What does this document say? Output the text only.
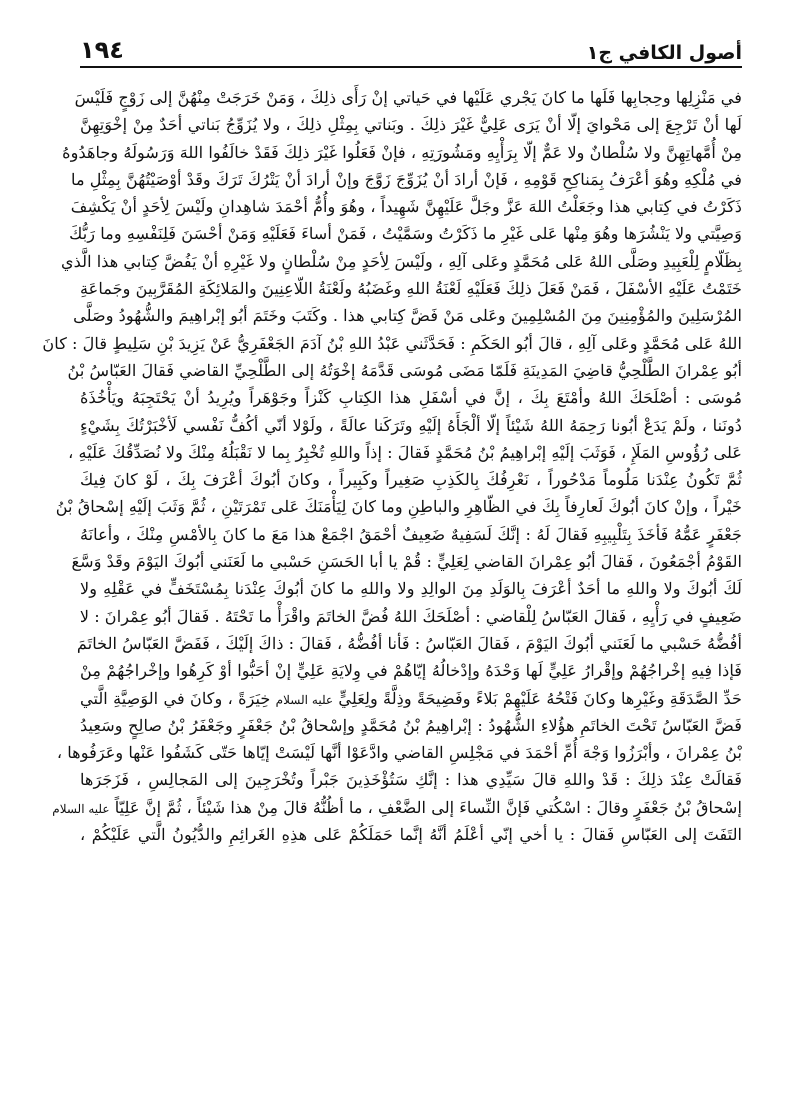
١٩٤	أصول الكافي ج١
في مَنْزِلِها وحِجابِها فَلَها ما كانَ يَجْري عَلَيْها في حَياتي إنْ رَأَى ذلِكَ ، وَمَنْ خَرَجَتْ مِنْهُنَّ إلى زَوْجٍ فَلَيْسَ
لَها أنْ تَرْجِعَ إلى مَحْوايَ إلّا أنْ يَرَى عَلِيٌّ غَيْرَ ذلِكَ . وبَناتي بِمِثْلِ ذلِكَ ، ولا يُزَوِّجُ بَناتي أحَدٌ مِنْ إخْوَتِهِنَّ
مِنْ أُمَّهاتِهِنَّ ولا سُلْطانٌ ولا عَمٌّ إلّا بِرَأْيِهِ ومَشُورَتِهِ ، فإنْ فَعَلُوا غَيْرَ ذلِكَ فَقَدْ خالَفُوا اللهَ وَرَسُولَهُ وجاهَدُوهُ
في مُلْكِهِ وهُوَ أعْرَفُ بِمَناكِحِ قَوْمِهِ ، فَإنْ أرادَ أنْ يُزَوِّجَ زَوَّجَ وإنْ أرادَ أنْ يَتْرُكَ تَرَكَ وقَدْ أوْصَيْتُهُنَّ بِمِثْلِ ما
ذَكَرْتُ في كِتابي هذا وجَعَلْتُ اللهَ عَزَّ وجَلَّ عَلَيْهِنَّ شَهِيداً ، وهُوَ وأُمُّ أحْمَدَ شاهِدانِ ولَيْسَ لِأحَدٍ أنْ يَكْشِفَ
وَصِيَّتي ولا يَنْشُرَها وهُوَ مِنْها عَلى غَيْرِ ما ذَكَرْتُ وسَمَّيْتُ ، فَمَنْ أساءَ فَعَلَيْهِ وَمَنْ أحْسَنَ فَلِنَفْسِهِ وما رَبُّكَ
بِظَلّامٍ لِلْعَبِيدِ وصَلَّى اللهُ عَلى مُحَمَّدٍ وعَلى آلِهِ ، ولَيْسَ لِأحَدٍ مِنْ سُلْطانٍ ولا غَيْرِهِ أنْ يَفُضَّ كِتابي هذا الَّذي
خَتَمْتُ عَلَيْهِ الأسْفَلَ ، فَمَنْ فَعَلَ ذلِكَ فَعَلَيْهِ لَعْنَةُ اللهِ وغَضَبُهُ ولَعْنَةُ اللّاعِنِينَ والمَلائِكَةِ المُقَرَّبِينَ وجَماعَةِ
المُرْسَلِينَ والمُؤْمِنِينَ مِنَ المُسْلِمِينَ وعَلى مَنْ فَضَّ كِتابي هذا . وكَتَبَ وخَتَمَ أبُو إبْراهِيمَ والشُّهُودُ وصَلَّى
اللهُ عَلى مُحَمَّدٍ وعَلى آلِهِ ، قالَ أبُو الحَكَمِ : فَحَدَّثَني عَبْدُ اللهِ بْنُ آدَمَ الجَعْفَرِيُّ عَنْ يَزِيدَ بْنِ سَلِيطٍ قالَ : كانَ
أبُو عِمْرانَ الطَّلْحِيُّ قاضِيَ المَدِينَةِ فَلَمّا مَضَى مُوسَى قَدَّمَهُ إخْوَتُهُ إلى الطَّلْحِيِّ القاضي فَقالَ العَبّاسُ بْنُ
مُوسَى : أصْلَحَكَ اللهُ وأمْتَعَ بِكَ ، إنَّ في أسْفَلِ هذا الكِتابِ كَنْزاً وجَوْهَراً ويُرِيدُ أنْ يَحْتَجِبَهُ ويَأْخُذَهُ
دُونَنا ، ولَمْ يَدَعْ أبُونا رَحِمَهُ اللهُ شَيْئاً إلّا ألْجَأَهُ إلَيْهِ وتَرَكَنا عالَةً ، ولَوْلا أنّي أكُفُّ نَفْسي لَأخْبَرْتُكَ بِشَيْءٍ
عَلى رُؤُوسِ المَلَإِ ، فَوَثَبَ إلَيْهِ إبْراهِيمُ بْنُ مُحَمَّدٍ فَقالَ : إذاً واللهِ تُخْبِرُ بِما لا نَقْبَلُهُ مِنْكَ ولا نُصَدِّقُكَ عَلَيْهِ ،
ثُمَّ تَكُونُ عِنْدَنا مَلُوماً مَدْحُوراً ، نَعْرِفُكَ بِالكَذِبِ صَغِيراً وكَبِيراً ، وكانَ أبُوكَ أعْرَفَ بِكَ ، لَوْ كانَ فِيكَ
خَيْراً ، وإنْ كانَ أبُوكَ لَعارِفاً بِكَ في الظّاهِرِ والباطِنِ وما كانَ لِيَأْمَنَكَ عَلى تَمْرَتَيْنِ ، ثُمَّ وَثَبَ إلَيْهِ إسْحاقُ بْنُ
جَعْفَرٍ عَمُّهُ فَأخَذَ بِتَلْبِيبِهِ فَقالَ لَهُ : إنَّكَ لَسَفِيهٌ ضَعِيفٌ أحْمَقُ اجْمَعْ هذا مَعَ ما كانَ بِالأمْسِ مِنْكَ ، وأعانَهُ
القَوْمُ أجْمَعُونَ ، فَقالَ أبُو عِمْرانَ القاضي لِعَلِيٍّ : قُمْ يا أبا الحَسَنِ حَسْبي ما لَعَنَني أبُوكَ اليَوْمَ وقَدْ وَسَّعَ
لَكَ أبُوكَ ولا واللهِ ما أحَدٌ أعْرَفَ بِالوَلَدِ مِنَ الوالِدِ ولا واللهِ ما كانَ أبُوكَ عِنْدَنا بِمُسْتَخَفٍّ في عَقْلِهِ ولا
ضَعِيفٍ في رَأْيِهِ ، فَقالَ العَبّاسُ لِلْقاضي : أصْلَحَكَ اللهُ فُضَّ الخاتَمَ واقْرَأْ ما تَحْتَهُ . فَقالَ أبُو عِمْرانَ : لا
أفُضُّهُ حَسْبي ما لَعَنَني أبُوكَ اليَوْمَ ، فَقالَ العَبّاسُ : فَأنا أفُضُّهُ ، فَقالَ : ذاكَ إلَيْكَ ، فَفَضَّ العَبّاسُ الخاتَمَ
فَإذا فِيهِ إخْراجُهُمْ وإقْرارُ عَلِيٍّ لَها وَحْدَهُ وإدْخالُهُ إيّاهُمْ في وِلايَةِ عَلِيٍّ إنْ أحَبُّوا أوْ كَرِهُوا وإخْراجُهُمْ مِنْ
حَدِّ الصَّدَقَةِ وغَيْرِها وكانَ فَتْحُهُ عَلَيْهِمْ بَلاءً وفَضِيحَةً وذِلَّةً ولِعَلِيٍّ عليه السلام خِيَرَةً ، وكانَ في الوَصِيَّةِ الَّتي
فَضَّ العَبّاسُ تَحْتَ الخاتَمِ هؤُلاءِ الشُّهُودُ : إبْراهِيمُ بْنُ مُحَمَّدٍ وإسْحاقُ بْنُ جَعْفَرٍ وجَعْفَرُ بْنُ صالِحٍ وسَعِيدُ
بْنُ عِمْرانَ ، وأبْرَزُوا وَجْهَ أُمِّ أحْمَدَ في مَجْلِسِ القاضي وادَّعَوْا أنَّها لَيْسَتْ إيّاها حَتّى كَشَفُوا عَنْها وعَرَفُوها ،
فَقالَتْ عِنْدَ ذلِكَ : قَدْ واللهِ قالَ سَيِّدِي هذا : إنَّكِ سَتُؤْخَذِينَ جَبْراً وتُخْرَجِينَ إلى المَجالِسِ ، فَزَجَرَها
إسْحاقُ بْنُ جَعْفَرٍ وقالَ : اسْكُتي فَإنَّ النِّساءَ إلى الضَّعْفِ ، ما أظُنُّهُ قالَ مِنْ هذا شَيْئاً ، ثُمَّ إنَّ عَلِيّاً عليه السلام
التَفَتَ إلى العَبّاسِ فَقالَ : يا أخي إنّي أعْلَمُ أنَّهُ إنَّما حَمَلَكُمْ عَلى هذِهِ الغَرائِمِ والدُّيُونُ الَّتي عَلَيْكُمْ ،
